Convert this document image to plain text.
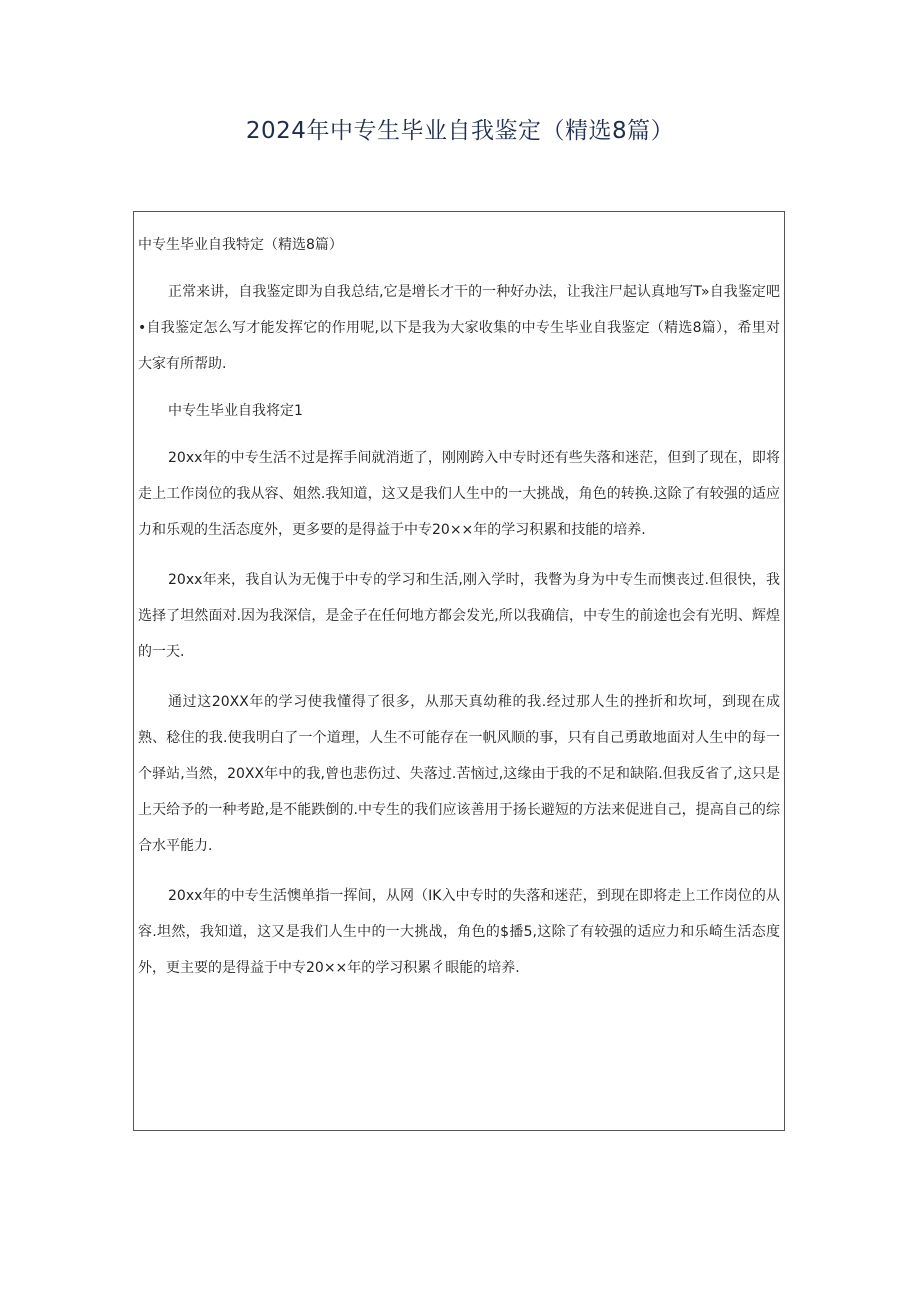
2024年中专生毕业自我鉴定（精选8篇）

中专生毕业自我特定（精选8篇）

正常来讲，自我鉴定即为自我总结,它是增长才干的一种好办法，让我注尸起认真地写T»自我鉴定吧•自我鉴定怎么写才能发挥它的作用呢,以下是我为大家收集的中专生毕业自我鉴定（精选8篇），希里对大家有所帮助.

中专生毕业自我将定1

20xx年的中专生活不过是挥手间就消逝了，刚刚跨入中专时还有些失落和迷茫，但到了现在，即将走上工作岗位的我从容、姐然.我知道，这又是我们人生中的一大挑战，角色的转换.这除了有较强的适应力和乐观的生活态度外，更多要的是得益于中专20××年的学习积累和技能的培养.

20xx年来，我自认为无傀于中专的学习和生活,刚入学时，我瞥为身为中专生而懊丧过.但很快，我选择了坦然面对.因为我深信，是金子在任何地方都会发光,所以我确信，中专生的前途也会有光明、辉煌的一天.

通过这20XX年的学习使我懂得了很多，从那天真幼稚的我.经过那人生的挫折和坎坷，到现在成熟、稔住的我.使我明白了一个道理，人生不可能存在一帆风顺的事，只有自己勇敢地面对人生中的每一个驿站,当然，20XX年中的我,曾也悲伤过、失落过.苦恼过,这缘由于我的不足和缺陷.但我反省了,这只是上天给予的一种考跄,是不能跌倒的.中专生的我们应该善用于扬长避短的方法来促进自己，提高自己的综合水平能力.

20xx年的中专生活懊单指一挥间，从网（IK入中专时的失落和迷茫，到现在即将走上工作岗位的从容.坦然，我知道，这又是我们人生中的一大挑战，角色的$播5,这除了有较强的适应力和乐崎生活态度外，更主要的是得益于中专20××年的学习积累彳眼能的培养.
